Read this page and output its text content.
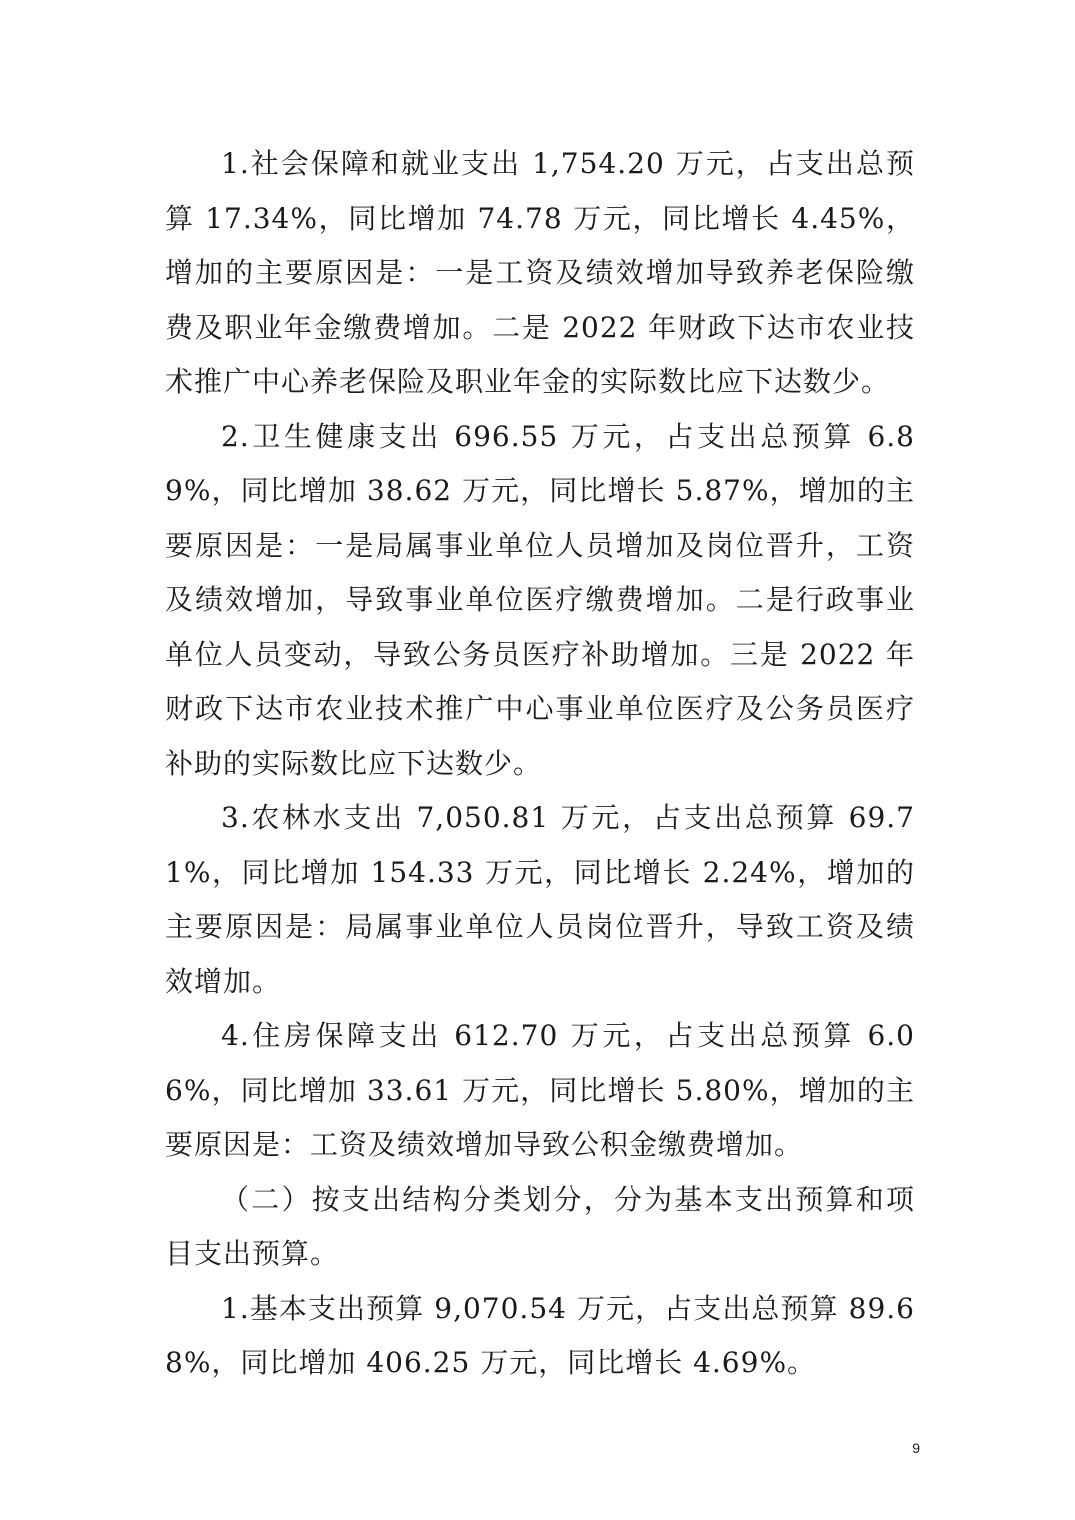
1.社会保障和就业支出 1,754.20 万元，占支出总预算 17.34%，同比增加 74.78 万元，同比增长 4.45%，增加的主要原因是：一是工资及绩效增加导致养老保险缴费及职业年金缴费增加。二是 2022 年财政下达市农业技术推广中心养老保险及职业年金的实际数比应下达数少。

2.卫生健康支出 696.55 万元，占支出总预算 6.89%，同比增加 38.62 万元，同比增长 5.87%，增加的主要原因是：一是局属事业单位人员增加及岗位晋升，工资及绩效增加，导致事业单位医疗缴费增加。二是行政事业单位人员变动，导致公务员医疗补助增加。三是 2022 年财政下达市农业技术推广中心事业单位医疗及公务员医疗补助的实际数比应下达数少。

3.农林水支出 7,050.81 万元，占支出总预算 69.71%，同比增加 154.33 万元，同比增长 2.24%，增加的主要原因是：局属事业单位人员岗位晋升，导致工资及绩效增加。

4.住房保障支出 612.70 万元，占支出总预算 6.06%，同比增加 33.61 万元，同比增长 5.80%，增加的主要原因是：工资及绩效增加导致公积金缴费增加。

（二）按支出结构分类划分，分为基本支出预算和项目支出预算。

1.基本支出预算 9,070.54 万元，占支出总预算 89.68%，同比增加 406.25 万元，同比增长 4.69%。

9
